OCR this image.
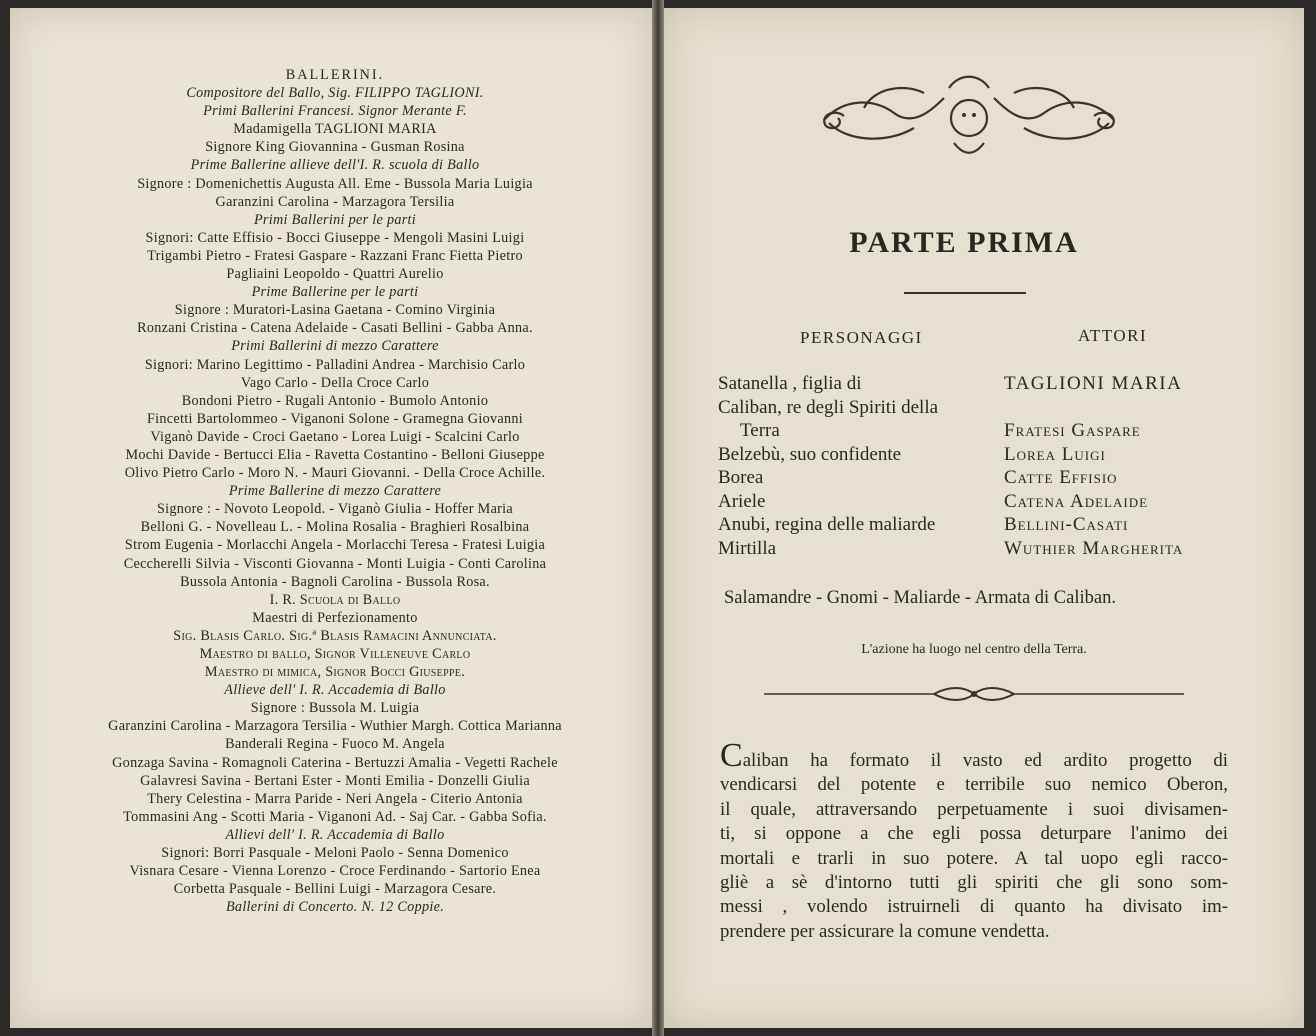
BALLERINI.
Compositore del Ballo, Sig. FILIPPO TAGLIONI.
Primi Ballerini Francesi. Signor Merante F.
Madamigella TAGLIONI MARIA
Signore King Giovannina - Gusman Rosina
Prime Ballerine allieve dell'I. R. scuola di Ballo
Signore : Domenichettis Augusta All. Eme - Bussola Maria Luigia
Garanzini Carolina - Marzagora Tersilia
Primi Ballerini per le parti
Signori: Catte Effisio - Bocci Giuseppe - Mengoli Masini Luigi
Trigambi Pietro - Fratesi Gaspare - Razzani Franc Fietta Pietro
Pagliaini Leopoldo - Quattri Aurelio
Prime Ballerine per le parti
Signore : Muratori-Lasina Gaetana - Comino Virginia
Ronzani Cristina - Catena Adelaide - Casati Bellini - Gabba Anna.
Primi Ballerini di mezzo Carattere
Signori: Marino Legittimo - Palladini Andrea - Marchisio Carlo
Vago Carlo - Della Croce Carlo
Bondoni Pietro - Rugali Antonio - Bumolo Antonio
Fincetti Bartolommeo - Viganoni Solone - Gramegna Giovanni
Viganò Davide - Croci Gaetano - Lorea Luigi - Scalcini Carlo
Mochi Davide - Bertucci Elia - Ravetta Costantino - Belloni Giuseppe
Olivo Pietro Carlo - Moro N. - Mauri Giovanni. - Della Croce Achille.
Prime Ballerine di mezzo Carattere
Signore : - Novoto Leopold. - Viganò Giulia - Hoffer Maria
Belloni G. - Novelleau L. - Molina Rosalia - Braghieri Rosalbina
Strom Eugenia - Morlacchi Angela - Morlacchi Teresa - Fratesi Luigia
Ceccherelli Silvia - Visconti Giovanna - Monti Luigia - Conti Carolina
Bussola Antonia - Bagnoli Carolina - Bussola Rosa.
I. R. Scuola di Ballo
Maestri di Perfezionamento
Sig. Blasis Carlo. Sig.ª Blasis Ramacini Annunciata.
Maestro di ballo, Signor Villeneuve Carlo
Maestro di mimica, Signor Bocci Giuseppe.
Allieve dell' I. R. Accademia di Ballo
Signore : Bussola M. Luigia
Garanzini Carolina - Marzagora Tersilia - Wuthier Margh. Cottica Marianna
Banderali Regina - Fuoco M. Angela
Gonzaga Savina - Romagnoli Caterina - Bertuzzi Amalia - Vegetti Rachele
Galavresi Savina - Bertani Ester - Monti Emilia - Donzelli Giulia
Thery Celestina - Marra Paride - Neri Angela - Citerio Antonia
Tommasini Ang - Scotti Maria - Viganoni Ad. - Saj Car. - Gabba Sofia.
Allievi dell' I. R. Accademia di Ballo
Signori: Borri Pasquale - Meloni Paolo - Senna Domenico
Visnara Cesare - Vienna Lorenzo - Croce Ferdinando - Sartorio Enea
Corbetta Pasquale - Bellini Luigi - Marzagora Cesare.
Ballerini di Concerto. N. 12 Coppie.
PARTE PRIMA
PERSONAGGI	ATTORI
Satanella , figlia di	TAGLIONI MARIA
Caliban, re degli Spiriti della
Terra	Fratesi Gaspare
Belzebù, suo confidente	Lorea Luigi
Borea	Catte Effisio
Ariele	Catena Adelaide
Anubi, regina delle maliarde	Bellini-Casati
Mirtilla	Wuthier Margherita
Salamandre - Gnomi - Maliarde - Armata di Caliban.
L'azione ha luogo nel centro della Terra.
Caliban ha formato il vasto ed ardito progetto di
vendicarsi del potente e terribile suo nemico Oberon,
il quale, attraversando perpetuamente i suoi divisamen-
ti, si oppone a che egli possa deturpare l'animo dei
mortali e trarli in suo potere. A tal uopo egli racco-
gliè a sè d'intorno tutti gli spiriti che gli sono som-
messi , volendo istruirneli di quanto ha divisato im-
prendere per assicurare la comune vendetta.
